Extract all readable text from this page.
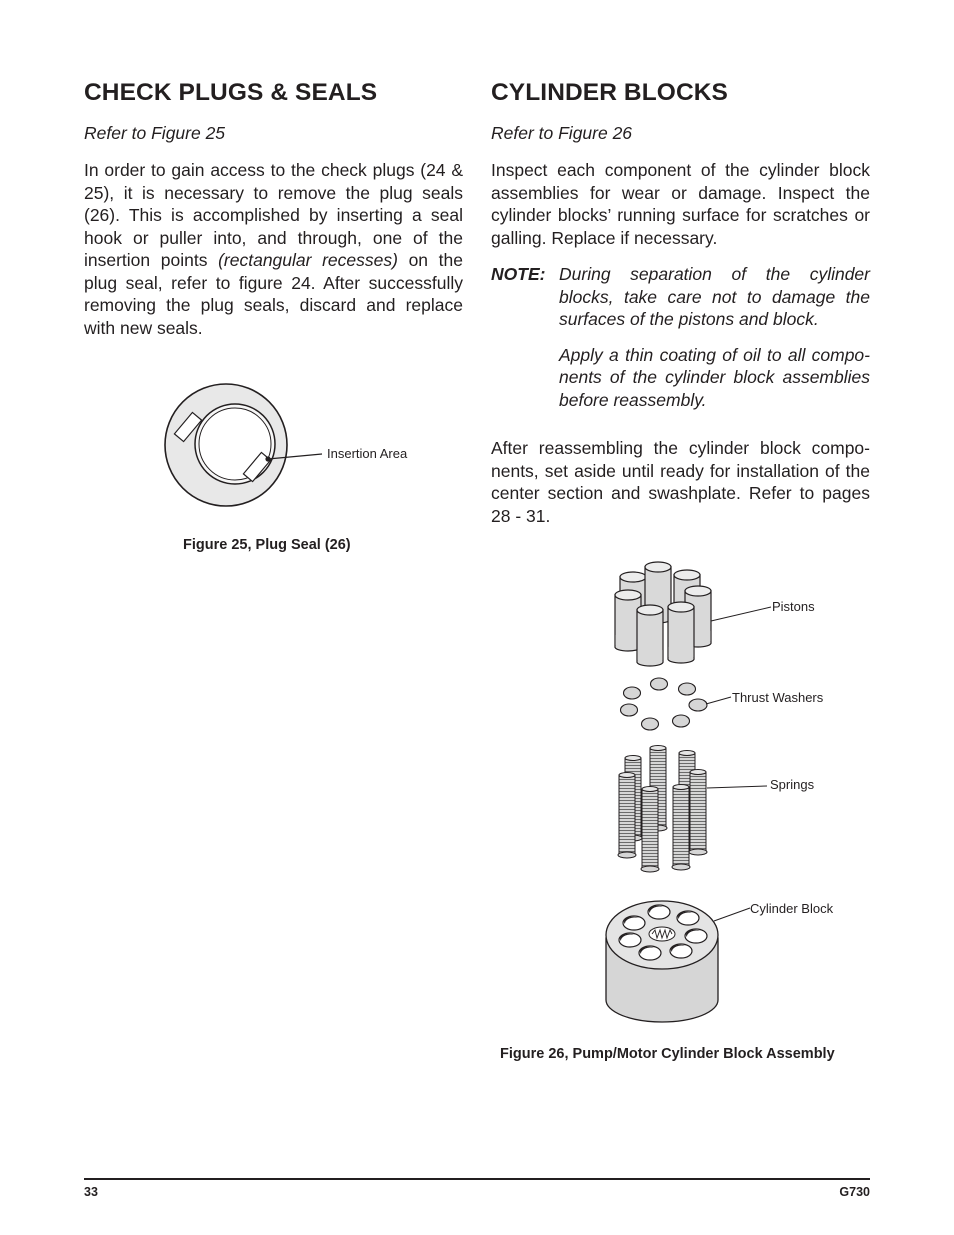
CHECK PLUGS & SEALS

Refer to Figure 25

In order to gain access to the check plugs (24 & 25), it is necessary to remove the plug seals (26). This is accomplished by inserting a seal hook or puller into, and through, one of the insertion points (rectangular recesses) on the plug seal, refer to figure 24. After successfully removing the plug seals, discard and replace with new seals.

Insertion Area
Figure 25, Plug Seal (26)
CYLINDER BLOCKS

Refer to Figure 26

Inspect each component of the cylinder block assemblies for wear or damage. Inspect the cylinder blocks’ running surface for scratches or galling. Replace if necessary.

NOTE: During separation of the cylinder blocks, take care not to damage the surfaces of the pistons and block.

Apply a thin coating of oil to all compo-nents of the cylinder block assemblies before reassembly.

After reassembling the cylinder block compo-nents, set aside until ready for installation of the center section and swashplate. Refer to pages 28 - 31.

Pistons
Thrust Washers
Springs
Cylinder Block
Figure 26, Pump/Motor Cylinder Block Assembly
33	G730
